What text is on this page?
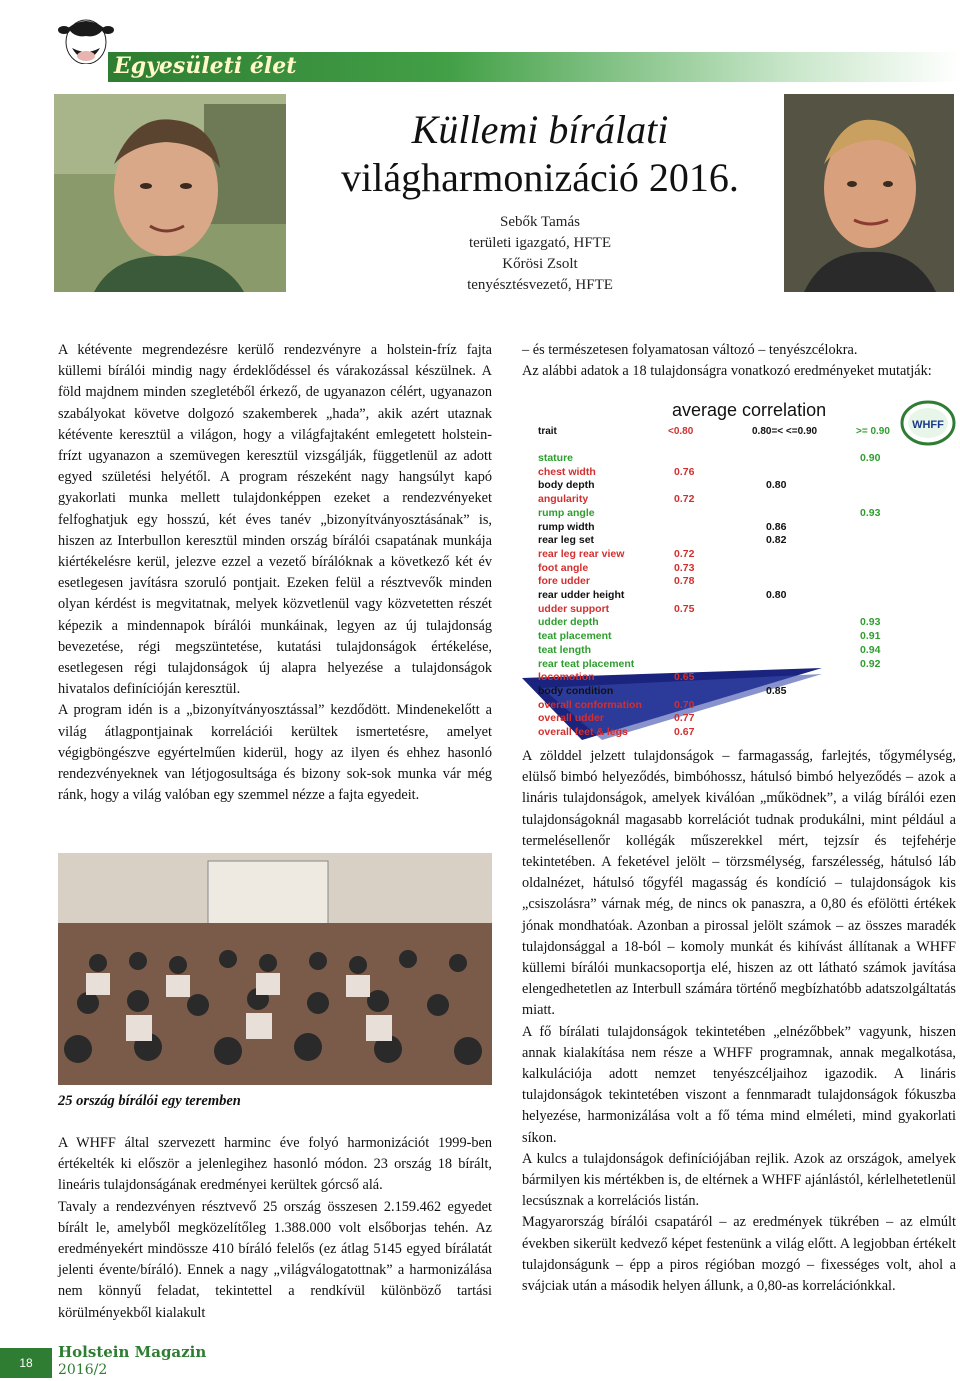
Egyesületi élet
Küllemi bírálati
világharmonizáció 2016.
Sebők Tamás
területi igazgató, HFTE
Kőrösi Zsolt
tenyésztésvezető, HFTE

A kétévente megrendezésre kerülő rendezvényre a holstein-fríz fajta küllemi bírálói mindig nagy érdeklődéssel és várakozással készülnek. A föld majdnem minden szegletéből érkező, de ugyanazon célért, ugyanazon szabályokat követve dolgozó szakemberek „hada”, akik azért utaznak kétévente keresztül a világon, hogy a világfajtaként emlegetett holstein-frízt ugyanazon a szemüvegen keresztül vizsgálják, függetlenül az adott egyed születési helyétől. A program részeként nagy hangsúlyt kapó gyakorlati munka mellett tulajdonképpen ezeket a rendezvényeket felfoghatjuk egy hosszú, két éves tanév „bizonyítványosztásának” is, hiszen az Interbullon keresztül minden ország bírálói csapatának munkája kiértékelésre kerül, jelezve ezzel a vezető bírálóknak a következő két év esetlegesen javításra szoruló pontjait. Ezeken felül a résztvevők minden olyan kérdést is megvitatnak, melyek közvetlenül vagy közvetetten részét képezik a mindennapok bírálói munkáinak, legyen az új tulajdonság bevezetése, régi megszüntetése, kutatási tulajdonságok értékelése, esetlegesen régi tulajdonságok új alapra helyezése a tulajdonságok hivatalos definícióján keresztül.

A program idén is a „bizonyítványosztással” kezdődött. Mindenekelőtt a világ átlagpontjainak korrelációi kerültek ismertetésre, amelyet végigböngészve egyértelműen kiderül, hogy az ilyen és ehhez hasonló rendezvényeknek van létjogosultsága és bizony sok-sok munka vár még ránk, hogy a világ valóban egy szemmel nézze a fajta egyedeit.

25 ország bírálói egy teremben

A WHFF által szervezett harminc éve folyó harmonizációt 1999-ben értékelték ki először a jelenlegihez hasonló módon. 23 ország 18 bírált, lineáris tulajdonságának eredményei kerültek górcső alá.

Tavaly a rendezvényen résztvevő 25 ország összesen 2.159.462 egyedet bírált le, amelyből megközelítőleg 1.388.000 volt elsőborjas tehén. Az eredményekért mindössze 410 bíráló felelős (ez átlag 5145 egyed bírálatát jelenti évente/bíráló). Ennek a nagy „világválogatottnak” a harmonizálása nem könnyű feladat, tekintettel a rendkívül különböző tartási körülményekből kialakult

– és természetesen folyamatosan változó – tenyészcélokra.

Az alábbi adatok a 18 tulajdonságra vonatkozó eredményeket mutatják:

average correlation
WHFF
trait	<0.80	0.80=< <=0.90	>= 0.90
stature	0.90
chest width	0.76
body depth	0.80
angularity	0.72
rump angle	0.93
rump width	0.86
rear leg set	0.82
rear leg rear view	0.72
foot angle	0.73
fore udder	0.78
rear udder height	0.80
udder support	0.75
udder depth	0.93
teat placement	0.91
teat length	0.94
rear teat placement	0.92
locomotion	0.65
body condition	0.85
overall conformation	0.70
overall udder	0.77
overall feet & legs	0.67

A zölddel jelzett tulajdonságok – farmagasság, farlejtés, tőgymélység, elülső bimbó helyeződés, bimbóhossz, hátulsó bimbó helyeződés – azok a lináris tulajdonságok, amelyek kiválóan „működnek”, a világ bírálói ezen tulajdonságoknál magasabb korrelációt tudnak produkálni, mint például a termelésellenőr kollégák műszerekkel mért, tejzsír és tejfehérje tekintetében. A feketével jelölt – törzsmélység, farszélesség, hátulsó láb oldalnézet, hátulsó tőgyfél magasság és kondíció – tulajdonságok kis „csiszolásra” várnak még, de nincs ok panaszra, a 0,80 és efölötti értékek jónak mondhatóak. Azonban a pirossal jelölt számok – az összes maradék tulajdonsággal a 18-ból – komoly munkát és kihívást állítanak a WHFF küllemi bírálói munkacsoportja elé, hiszen az ott látható számok javítása elengedhetetlen az Interbull számára történő megbízhatóbb adatszolgáltatás miatt.

A fő bírálati tulajdonságok tekintetében „elnézőbbek” vagyunk, hiszen annak kialakítása nem része a WHFF programnak, annak megalkotása, kalkulációja adott nemzet tenyészcéljaihoz igazodik. A lináris tulajdonságok tekintetében viszont a fennmaradt tulajdonságok fókuszba helyezése, harmonizálása volt a fő téma mind elméleti, mind gyakorlati síkon.

A kulcs a tulajdonságok definíciójában rejlik. Azok az országok, amelyek bármilyen kis mértékben is, de eltérnek a WHFF ajánlástól, kérlelhetetlenül lecsúsznak a korrelációs listán.

Magyarország bírálói csapatáról – az eredmények tükrében – az elmúlt években sikerült kedvező képet festenünk a világ előtt. A legjobban értékelt tulajdonságunk – épp a piros régióban mozgó – fixességes volt, ahol a svájciak után a második helyen állunk, a 0,80-as korrelációnkkal.

18
Holstein Magazin
2016/2
